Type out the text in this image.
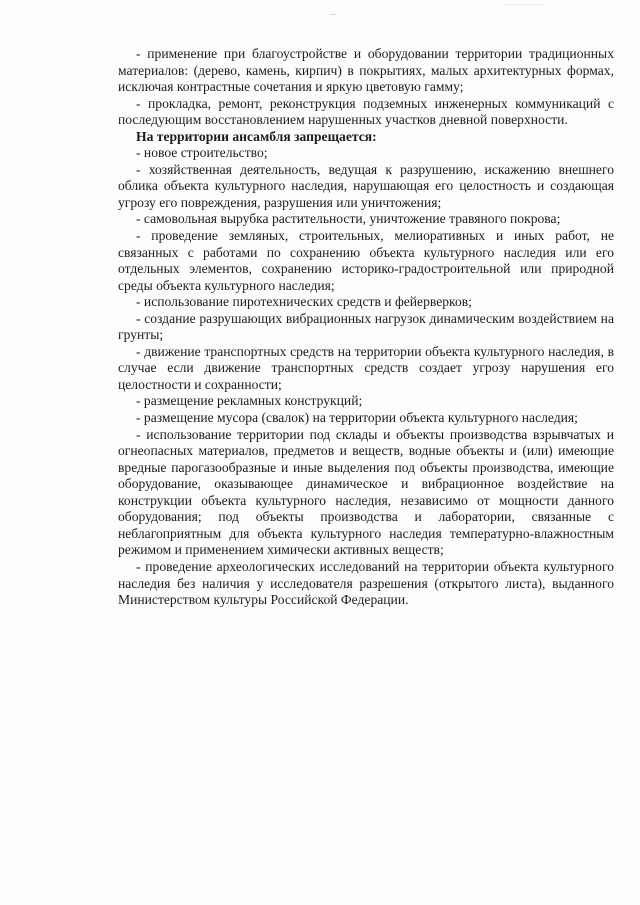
- применение при благоустройстве и оборудовании территории традиционных материалов: (дерево, камень, кирпич) в покрытиях, малых архитектурных формах, исключая контрастные сочетания и яркую цветовую гамму;

- прокладка, ремонт, реконструкция подземных инженерных коммуникаций с последующим восстановлением нарушенных участков дневной поверхности.

На территории ансамбля запрещается:

- новое строительство;

- хозяйственная деятельность, ведущая к разрушению, искажению внешнего облика объекта культурного наследия, нарушающая его целостность и создающая угрозу его повреждения, разрушения или уничтожения;

- самовольная вырубка растительности, уничтожение травяного покрова;

- проведение земляных, строительных, мелиоративных и иных работ, не связанных с работами по сохранению объекта культурного наследия или его отдельных элементов, сохранению историко-градостроительной или природной среды объекта культурного наследия;

- использование пиротехнических средств и фейерверков;

- создание разрушающих вибрационных нагрузок динамическим воздействием на грунты;

- движение транспортных средств на территории объекта культурного наследия, в случае если движение транспортных средств создает угрозу нарушения его целостности и сохранности;

- размещение рекламных конструкций;

- размещение мусора (свалок) на территории объекта культурного наследия;

- использование территории под склады и объекты производства взрывчатых и огнеопасных материалов, предметов и веществ, водные объекты и (или) имеющие вредные парогазообразные и иные выделения под объекты производства, имеющие оборудование, оказывающее динамическое и вибрационное воздействие на конструкции объекта культурного наследия, независимо от мощности данного оборудования; под объекты производства и лаборатории, связанные с неблагоприятным для объекта культурного наследия температурно-влажностным режимом и применением химически активных веществ;

- проведение археологических исследований на территории объекта культурного наследия без наличия у исследователя разрешения (открытого листа), выданного Министерством культуры Российской Федерации.
